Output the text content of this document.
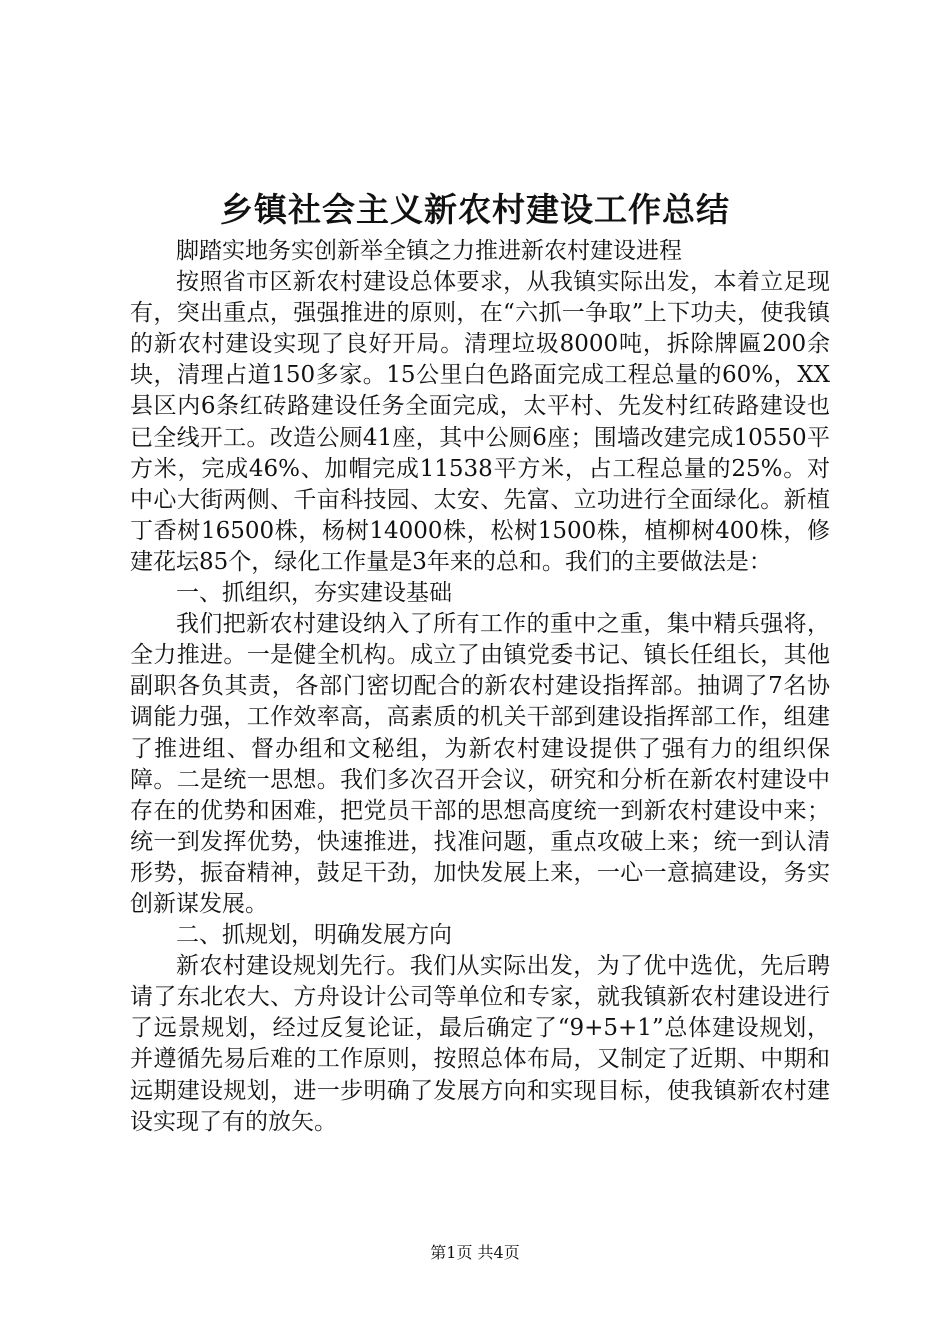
乡镇社会主义新农村建设工作总结

脚踏实地务实创新举全镇之力推进新农村建设进程

按照省市区新农村建设总体要求，从我镇实际出发，本着立足现有，突出重点，强强推进的原则，在“六抓一争取”上下功夫，使我镇的新农村建设实现了良好开局。清理垃圾8000吨，拆除牌匾200余块，清理占道150多家。15公里白色路面完成工程总量的60%，XX县区内6条红砖路建设任务全面完成，太平村、先发村红砖路建设也已全线开工。改造公厕41座，其中公厕6座；围墙改建完成10550平方米，完成46%、加帽完成11538平方米，占工程总量的25%。对中心大街两侧、千亩科技园、太安、先富、立功进行全面绿化。新植丁香树16500株，杨树14000株，松树1500株，植柳树400株，修建花坛85个，绿化工作量是3年来的总和。我们的主要做法是：

一、抓组织，夯实建设基础

我们把新农村建设纳入了所有工作的重中之重，集中精兵强将，全力推进。一是健全机构。成立了由镇党委书记、镇长任组长，其他副职各负其责，各部门密切配合的新农村建设指挥部。抽调了7名协调能力强，工作效率高，高素质的机关干部到建设指挥部工作，组建了推进组、督办组和文秘组，为新农村建设提供了强有力的组织保障。二是统一思想。我们多次召开会议，研究和分析在新农村建设中存在的优势和困难，把党员干部的思想高度统一到新农村建设中来；统一到发挥优势，快速推进，找准问题，重点攻破上来；统一到认清形势，振奋精神，鼓足干劲，加快发展上来，一心一意搞建设，务实创新谋发展。

二、抓规划，明确发展方向

新农村建设规划先行。我们从实际出发，为了优中选优，先后聘请了东北农大、方舟设计公司等单位和专家，就我镇新农村建设进行了远景规划，经过反复论证，最后确定了“9+5+1”总体建设规划，并遵循先易后难的工作原则，按照总体布局，又制定了近期、中期和远期建设规划，进一步明确了发展方向和实现目标，使我镇新农村建设实现了有的放矢。

第1页 共4页
